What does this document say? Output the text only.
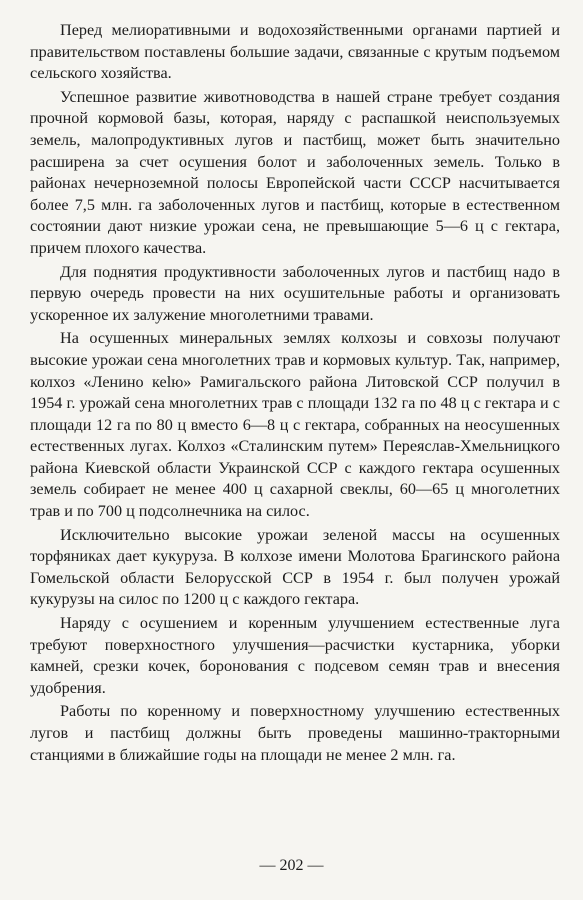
Перед мелиоративными и водохозяйственными органами партией и правительством поставлены большие задачи, связанные с крутым подъемом сельского хозяйства.

Успешное развитие животноводства в нашей стране требует создания прочной кормовой базы, которая, наряду с распашкой неиспользуемых земель, малопродуктивных лугов и пастбищ, может быть значительно расширена за счет осушения болот и заболоченных земель. Только в районах нечерноземной полосы Европейской части СССР насчитывается более 7,5 млн. га заболоченных лугов и пастбищ, которые в естественном состоянии дают низкие урожаи сена, не превышающие 5—6 ц с гектара, причем плохого качества.

Для поднятия продуктивности заболоченных лугов и пастбищ надо в первую очередь провести на них осушительные работы и организовать ускоренное их залужение многолетними травами.

На осушенных минеральных землях колхозы и совхозы получают высокие урожаи сена многолетних трав и кормовых культур. Так, например, колхоз «Ленино кеlю» Рамигальского района Литовской ССР получил в 1954 г. урожай сена многолетних трав с площади 132 га по 48 ц с гектара и с площади 12 га по 80 ц вместо 6—8 ц с гектара, собранных на неосушенных естественных лугах. Колхоз «Сталинским путем» Переяслав-Хмельницкого района Киевской области Украинской ССР с каждого гектара осушенных земель собирает не менее 400 ц сахарной свеклы, 60—65 ц многолетних трав и по 700 ц подсолнечника на силос.

Исключительно высокие урожаи зеленой массы на осушенных торфяниках дает кукуруза. В колхозе имени Молотова Брагинского района Гомельской области Белорусской ССР в 1954 г. был получен урожай кукурузы на силос по 1200 ц с каждого гектара.

Наряду с осушением и коренным улучшением естественные луга требуют поверхностного улучшения—расчистки кустарника, уборки камней, срезки кочек, боронования с подсевом семян трав и внесения удобрения.

Работы по коренному и поверхностному улучшению естественных лугов и пастбищ должны быть проведены машинно-тракторными станциями в ближайшие годы на площади не менее 2 млн. га.

— 202 —
